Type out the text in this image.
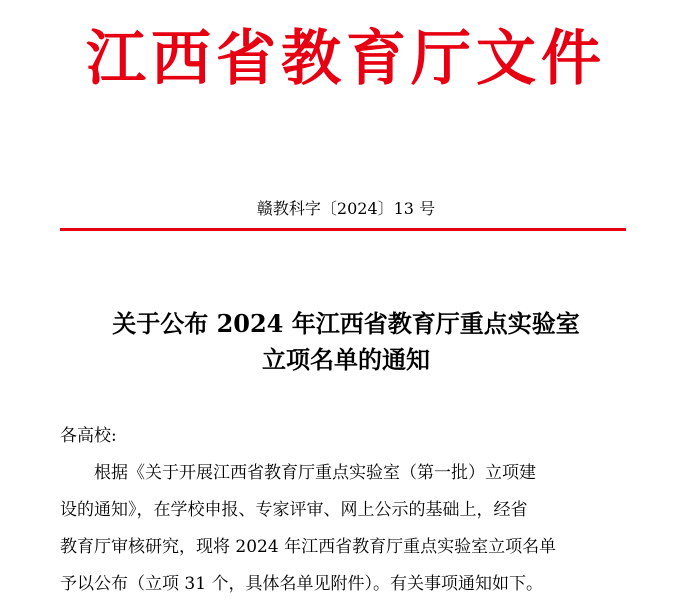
江西省教育厅文件
赣教科字〔2024〕13 号
关于公布 2024 年江西省教育厅重点实验室
立项名单的通知
各高校:
根据《关于开展江西省教育厅重点实验室（第一批）立项建
设的通知》，在学校申报、专家评审、网上公示的基础上，经省
教育厅审核研究，现将 2024 年江西省教育厅重点实验室立项名单
予以公布（立项 31 个，具体名单见附件）。有关事项通知如下。
